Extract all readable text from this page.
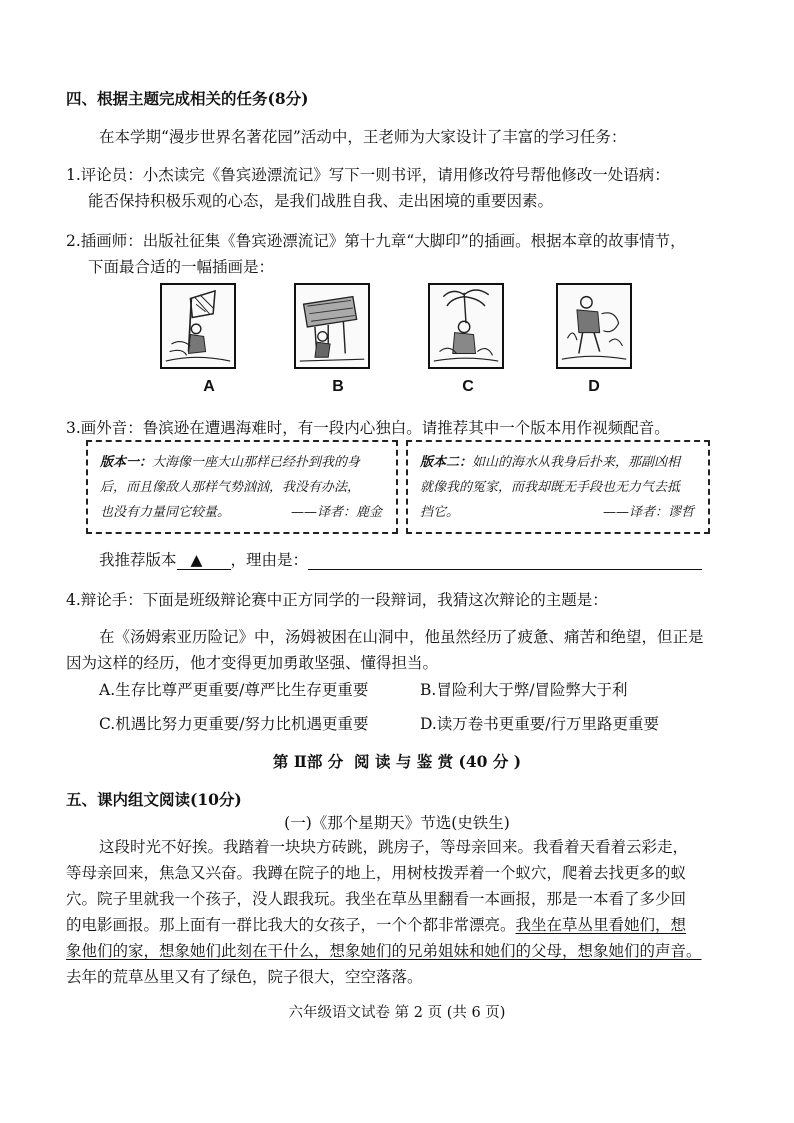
四、根据主题完成相关的任务(8分)
在本学期“漫步世界名著花园”活动中，王老师为大家设计了丰富的学习任务：
1.评论员：小杰读完《鲁宾逊漂流记》写下一则书评，请用修改符号帮他修改一处语病：
能否保持积极乐观的心态，是我们战胜自我、走出困境的重要因素。
2.插画师：出版社征集《鲁宾逊漂流记》第十九章“大脚印”的插画。根据本章的故事情节，
下面最合适的一幅插画是：
A	B	C	D
3.画外音：鲁滨逊在遭遇海难时，有一段内心独白。请推荐其中一个版本用作视频配音。
版本一：大海像一座大山那样已经扑到我的身
后，而且像敌人那样气势汹汹，我没有办法，
也没有力量同它较量。	——译者：鹿金
版本二：如山的海水从我身后扑来，那副凶相
就像我的冤家，而我却既无手段也无力气去抵
挡它。	——译者：谬哲
我推荐版本 ▲ ，理由是：
4.辩论手：下面是班级辩论赛中正方同学的一段辩词，我猜这次辩论的主题是：
在《汤姆索亚历险记》中，汤姆被困在山洞中，他虽然经历了疲惫、痛苦和绝望，但正是
因为这样的经历，他才变得更加勇敢坚强、懂得担当。
A.生存比尊严更重要/尊严比生存更重要	B.冒险利大于弊/冒险弊大于利
C.机遇比努力更重要/努力比机遇更重要	D.读万卷书更重要/行万里路更重要
第 Ⅱ部 分  阅 读 与 鉴 赏 (40 分 )
五、课内组文阅读(10分)
(一)《那个星期天》节选(史铁生)
这段时光不好挨。我踏着一块块方砖跳，跳房子，等母亲回来。我看着天看着云彩走，
等母亲回来，焦急又兴奋。我蹲在院子的地上，用树枝拨弄着一个蚁穴，爬着去找更多的蚁
穴。院子里就我一个孩子，没人跟我玩。我坐在草丛里翻看一本画报，那是一本看了多少回
的电影画报。那上面有一群比我大的女孩子，一个个都非常漂亮。我坐在草丛里看她们，想
象他们的家，想象她们此刻在干什么，想象她们的兄弟姐妹和她们的父母，想象她们的声音。
去年的荒草丛里又有了绿色，院子很大，空空落落。
六年级语文试卷 第 2 页 (共 6 页)
